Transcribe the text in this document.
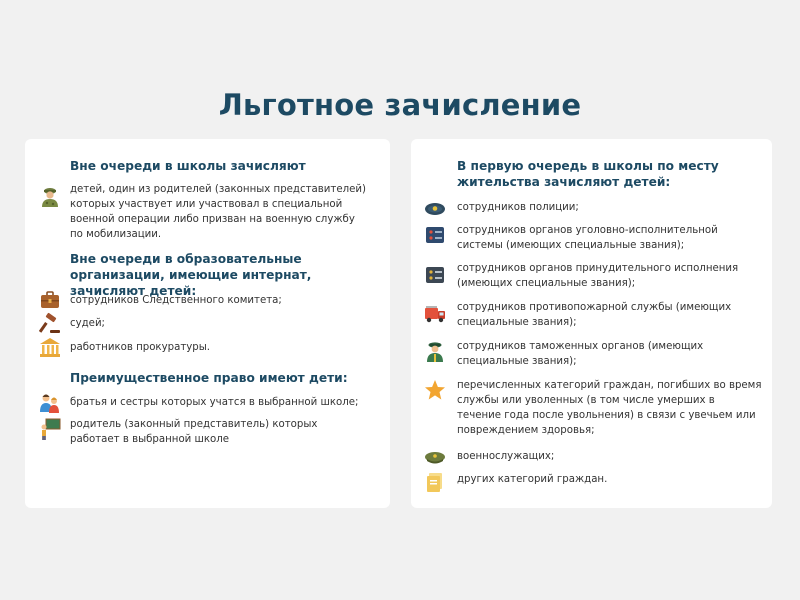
Льготное зачисление
Вне очереди в школы зачисляют
детей, один из родителей (законных представителей) которых участвует или участвовал в специальной военной операции либо призван на военную службу по мобилизации.
Вне очереди в образовательные организации, имеющие интернат, зачисляют детей:
сотрудников Следственного комитета;
судей;
работников прокуратуры.
Преимущественное право имеют дети:
братья и сестры которых учатся в выбранной школе;
родитель (законный представитель) которых работает в выбранной школе
В первую очередь в школы по месту жительства зачисляют детей:
сотрудников полиции;
сотрудников органов уголовно-исполнительной системы (имеющих специальные звания);
сотрудников органов принудительного исполнения (имеющих специальные звания);
сотрудников противопожарной службы (имеющих специальные звания);
сотрудников таможенных органов (имеющих специальные звания);
перечисленных категорий граждан, погибших во время службы или уволенных (в том числе умерших в течение года после увольнения) в связи с увечьем или повреждением здоровья;
военнослужащих;
других категорий граждан.
